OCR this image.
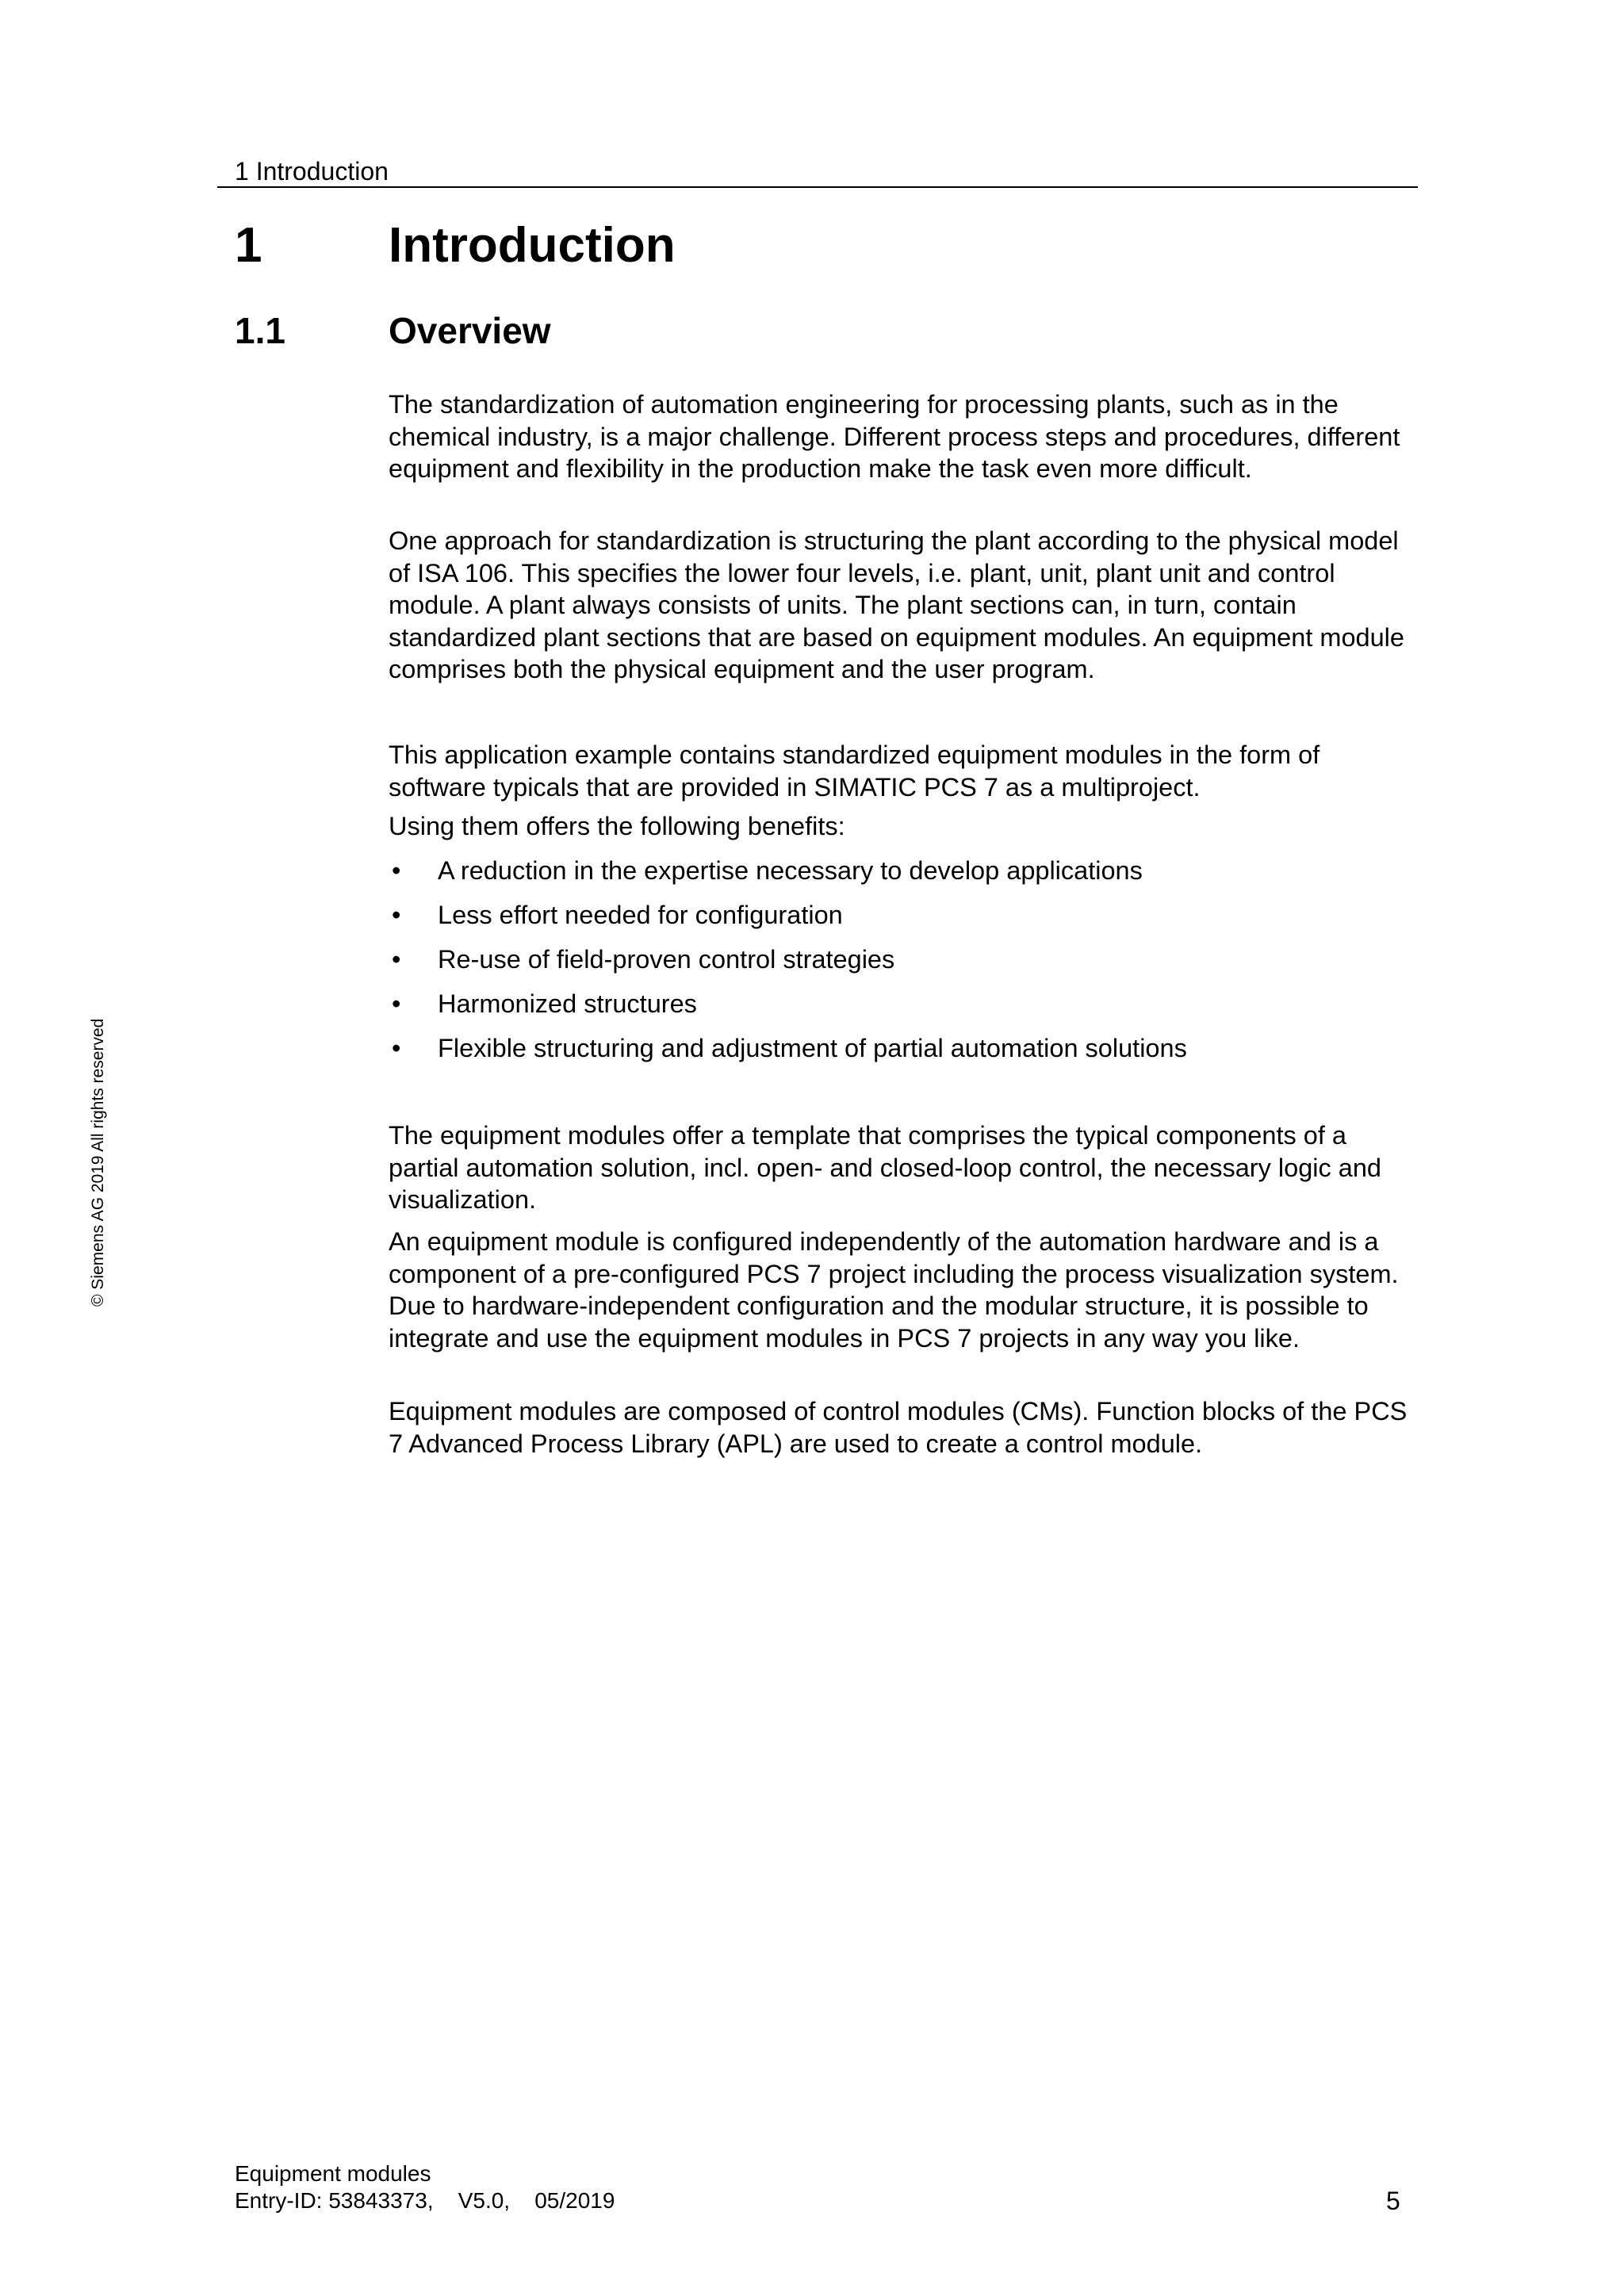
1 Introduction
1	Introduction
1.1	Overview

The standardization of automation engineering for processing plants, such as in the chemical industry, is a major challenge. Different process steps and procedures, different equipment and flexibility in the production make the task even more difficult.

One approach for standardization is structuring the plant according to the physical model of ISA 106. This specifies the lower four levels, i.e. plant, unit, plant unit and control module. A plant always consists of units. The plant sections can, in turn, contain standardized plant sections that are based on equipment modules. An equipment module comprises both the physical equipment and the user program.

This application example contains standardized equipment modules in the form of software typicals that are provided in SIMATIC PCS 7 as a multiproject.

Using them offers the following benefits:

• A reduction in the expertise necessary to develop applications
• Less effort needed for configuration
• Re-use of field-proven control strategies
• Harmonized structures
• Flexible structuring and adjustment of partial automation solutions

The equipment modules offer a template that comprises the typical components of a partial automation solution, incl. open- and closed-loop control, the necessary logic and visualization.

An equipment module is configured independently of the automation hardware and is a component of a pre-configured PCS 7 project including the process visualization system. Due to hardware-independent configuration and the modular structure, it is possible to integrate and use the equipment modules in PCS 7 projects in any way you like.

Equipment modules are composed of control modules (CMs). Function blocks of the PCS 7 Advanced Process Library (APL) are used to create a control module.

© Siemens AG 2019 All rights reserved
Equipment modules
Entry-ID: 53843373,    V5.0,    05/2019	5
